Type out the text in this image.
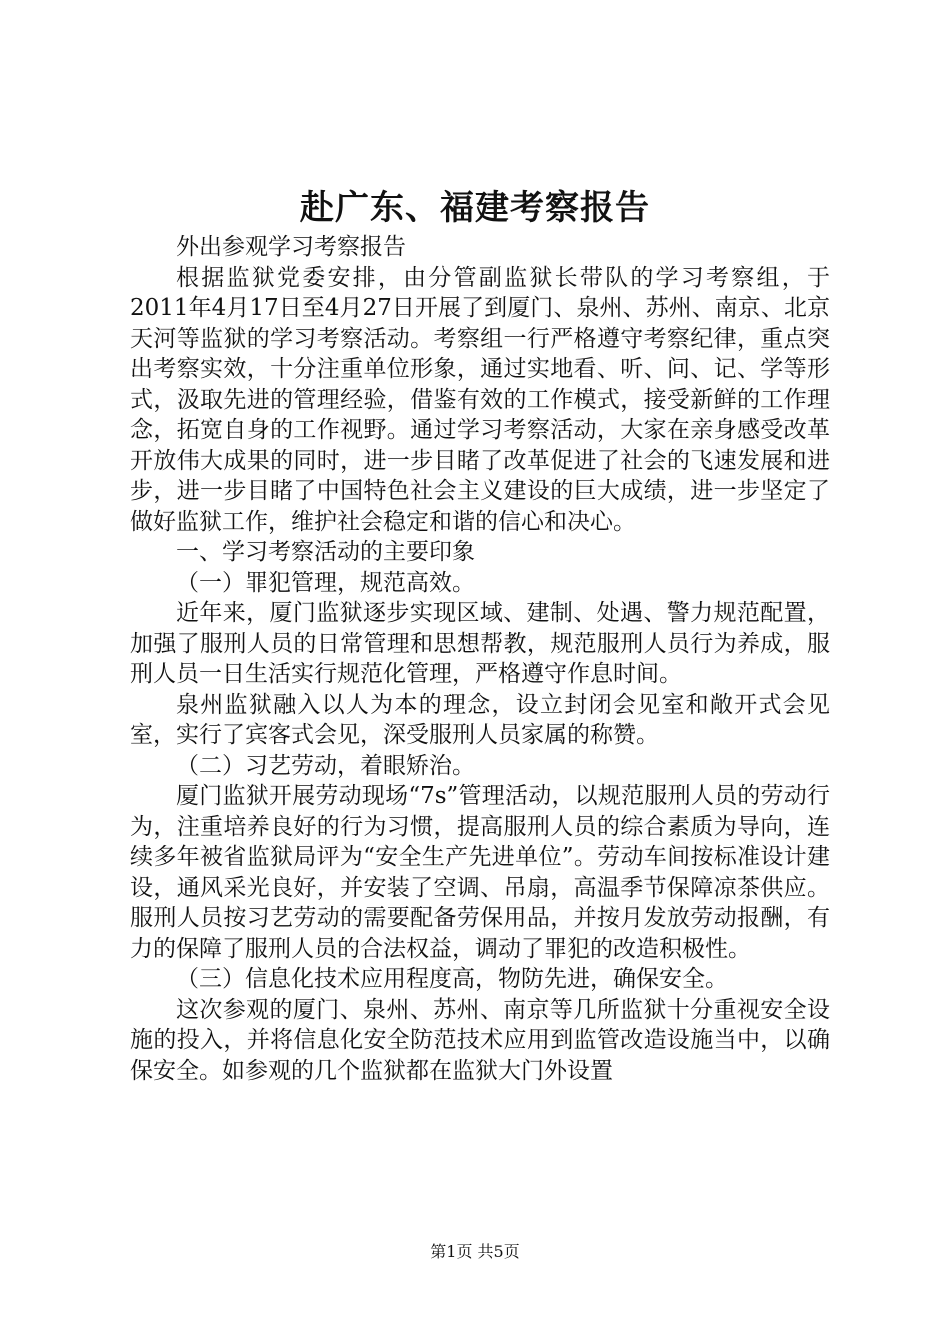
赴广东、福建考察报告

外出参观学习考察报告

根据监狱党委安排，由分管副监狱长带队的学习考察组，于2011年4月17日至4月27日开展了到厦门、泉州、苏州、南京、北京天河等监狱的学习考察活动。考察组一行严格遵守考察纪律，重点突出考察实效，十分注重单位形象，通过实地看、听、问、记、学等形式，汲取先进的管理经验，借鉴有效的工作模式，接受新鲜的工作理念，拓宽自身的工作视野。通过学习考察活动，大家在亲身感受改革开放伟大成果的同时，进一步目睹了改革促进了社会的飞速发展和进步，进一步目睹了中国特色社会主义建设的巨大成绩，进一步坚定了做好监狱工作，维护社会稳定和谐的信心和决心。

一、学习考察活动的主要印象

（一）罪犯管理，规范高效。

近年来，厦门监狱逐步实现区域、建制、处遇、警力规范配置，加强了服刑人员的日常管理和思想帮教，规范服刑人员行为养成，服刑人员一日生活实行规范化管理，严格遵守作息时间。

泉州监狱融入以人为本的理念，设立封闭会见室和敞开式会见室，实行了宾客式会见，深受服刑人员家属的称赞。

（二）习艺劳动，着眼矫治。

厦门监狱开展劳动现场“7s”管理活动，以规范服刑人员的劳动行为，注重培养良好的行为习惯，提高服刑人员的综合素质为导向，连续多年被省监狱局评为“安全生产先进单位”。劳动车间按标准设计建设，通风采光良好，并安装了空调、吊扇，高温季节保障凉茶供应。服刑人员按习艺劳动的需要配备劳保用品，并按月发放劳动报酬，有力的保障了服刑人员的合法权益，调动了罪犯的改造积极性。

（三）信息化技术应用程度高，物防先进，确保安全。

这次参观的厦门、泉州、苏州、南京等几所监狱十分重视安全设施的投入，并将信息化安全防范技术应用到监管改造设施当中，以确保安全。如参观的几个监狱都在监狱大门外设置

第1页 共5页
